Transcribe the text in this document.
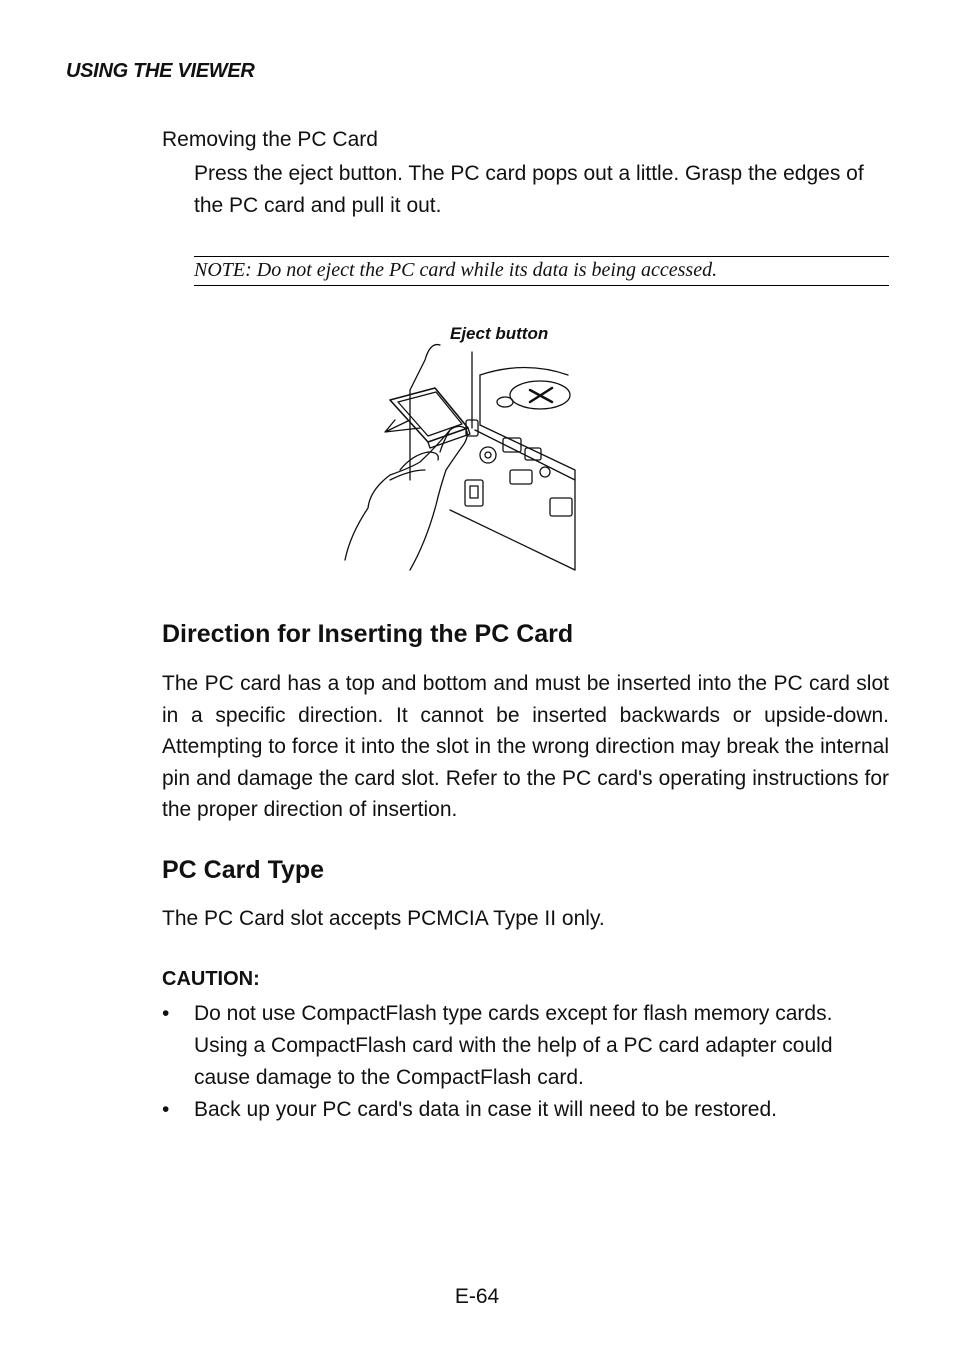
USING THE VIEWER
Removing the PC Card
Press the eject button. The PC card pops out a little. Grasp the edges of the PC card and pull it out.
NOTE: Do not eject the PC card while its data is being accessed.
Eject button
Direction for Inserting the PC Card
The PC card has a top and bottom and must be inserted into the PC card slot in a specific direction. It cannot be inserted backwards or upside-down. Attempting to force it into the slot in the wrong direction may break the internal pin and damage the card slot. Refer to the PC card's operating instructions for the proper direction of insertion.
PC Card Type
The PC Card slot accepts PCMCIA Type II only.
CAUTION:
• Do not use CompactFlash type cards except for flash memory cards. Using a CompactFlash card with the help of a PC card adapter could cause damage to the CompactFlash card.
• Back up your PC card's data in case it will need to be restored.
E-64
